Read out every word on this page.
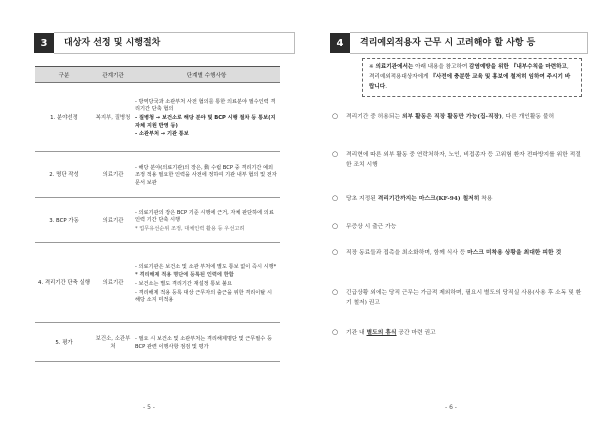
3	대상자 선정 및 시행절차
구분	관계기관	단계별 수행사항

1. 분야선정	복지부, 질병청	- 방역당국과 소관부처 사전 협의를 통한 의료분야 필수인력 격리기간 단축 협의
- 질병청 → 보건소로 해당 분야 및 BCP 시행 절차 등 통보(지자체 지원 반영 등)
- 소관부처 → 기관 통보

2. 명단 작성	의료기관	- 해당 분야(의료기관)의 장은, 動 수립 BCP 중 격리기간 예외조정 적용 필요한 인력을 사전에 정하여 기관 내부 협의 및 전자문서 보관

3. BCP 가동	의료기관	- 의료기관의 장은 BCP 기준 시행에 근거, 자체 판단하에 의료인력 기간 단축 시행
* 업무유선순위 조정, 대체인력 활용 등 우선고려

4. 격리기간 단축 실행	의료기관	- 의료기관은 보건소 및 소관 부처에 별도 통보 없이 즉시 시행*
* 격리해제 적용 명단에 등록된 인력에 한함
- 보건소는 별도 격리기간 재설정 통보 불요
- 격리해제 적용 등록 대상 근무자의 출근을 위한 격리이탈 시 해당 소지 미적용

5. 평가	보건소, 소관부처	- 필요 시 보건소 및 소관부처는 격리해제명단 및 근무필수 등 BCP 관련 이행사항 점검 및 평가
- 5 -
4	격리예외적용자 근무 시 고려해야 할 사항 등
※ 의료기관에서는 아래 내용을 참고하여 감염예방을 위한 『내부수칙을 마련하고, 격리예외적용대상자에게 『사전에 충분한 교육 및 홍보에 철저히 임하여 주시기 바랍니다.
○	격리기간 중 허용되는 외부 활동은 직장 활동만 가능(집-직장), 다른 개인활동 불허
○	격리현에 따른 외부 활동 중 연락처하자, 노인, 비접종자 등 고위험 환자 전파방지를 위한 적절한 조치 시행
○	당초 지정된 격리기간까지는 마스크(KF-94) 철저히 착용
○	무증상 시 출근 가능
○	직장 동료들과 접촉을 최소화하며, 함께 식사 등 마스크 미착용 상황을 최대한 피한 것
○	긴급상황 외에는 당직 근무는 가급적 제외하며, 필요시 별도의 당직실 사용(사용 후 소독 및 환기 철저) 권고
○	기관 내 별도의 휴식 공간 마련 권고
- 6 -
